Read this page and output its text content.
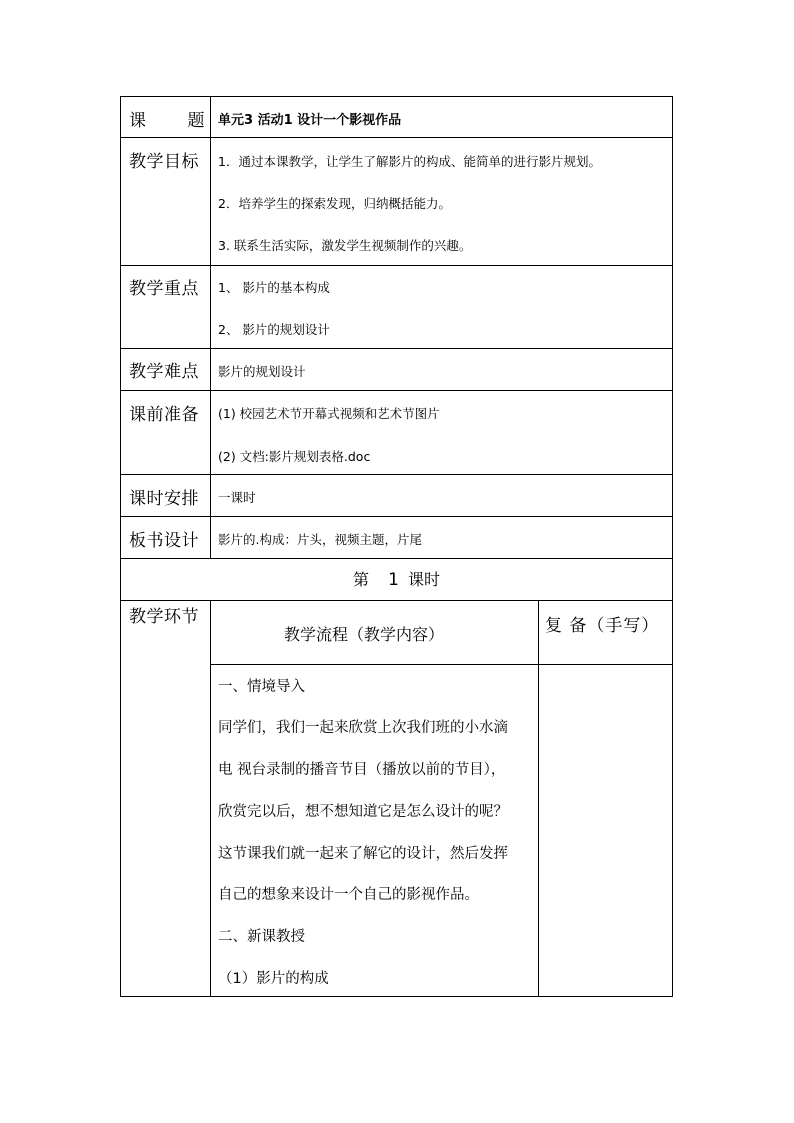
课 题 单元3 活动1 设计一个影视作品
教学目标 1．通过本课教学，让学生了解影片的构成、能简单的进行影片规划。
2．培养学生的探索发现，归纳概括能力。
3. 联系生活实际，激发学生视频制作的兴趣。
教学重点 1、 影片的基本构成
2、 影片的规划设计
教学难点 影片的规划设计
课前准备 (1) 校园艺术节开幕式视频和艺术节图片
(2) 文档:影片规划表格.doc
课时安排 一课时
板书设计 影片的.构成：片头，视频主题，片尾
第 1 课时
教学环节
教学流程（教学内容）	复 备（手写）
一、情境导入
同学们，我们一起来欣赏上次我们班的小水滴
电 视台录制的播音节目（播放以前的节目），
欣赏完以后，想不想知道它是怎么设计的呢？
这节课我们就一起来了解它的设计，然后发挥
自己的想象来设计一个自己的影视作品。
二、新课教授
（1）影片的构成
